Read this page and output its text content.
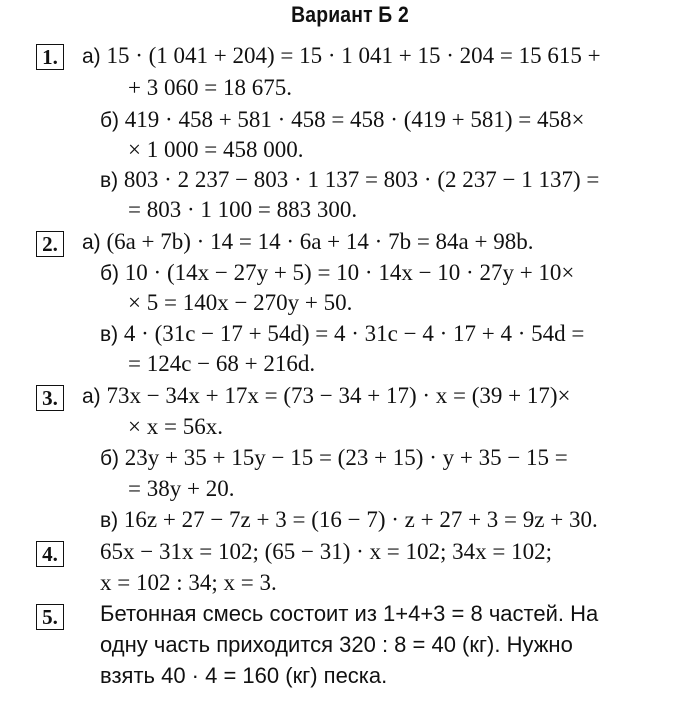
Вариант Б 2
1. а) 15 · (1 041 + 204) = 15 · 1 041 + 15 · 204 = 15 615 +
+ 3 060 = 18 675.
б) 419 · 458 + 581 · 458 = 458 · (419 + 581) = 458×
× 1 000 = 458 000.
в) 803 · 2 237 − 803 · 1 137 = 803 · (2 237 − 1 137) =
= 803 · 1 100 = 883 300.
2. а) (6a + 7b) · 14 = 14 · 6a + 14 · 7b = 84a + 98b.
б) 10 · (14x − 27y + 5) = 10 · 14x − 10 · 27y + 10×
× 5 = 140x − 270y + 50.
в) 4 · (31c − 17 + 54d) = 4 · 31c − 4 · 17 + 4 · 54d =
= 124c − 68 + 216d.
3. а) 73x − 34x + 17x = (73 − 34 + 17) · x = (39 + 17)×
× x = 56x.
б) 23y + 35 + 15y − 15 = (23 + 15) · y + 35 − 15 =
= 38y + 20.
в) 16z + 27 − 7z + 3 = (16 − 7) · z + 27 + 3 = 9z + 30.
4. 65x − 31x = 102; (65 − 31) · x = 102; 34x = 102;
x = 102 : 34; x = 3.
5. Бетонная смесь состоит из 1+4+3 = 8 частей. На
одну часть приходится 320 : 8 = 40 (кг). Нужно
взять 40 · 4 = 160 (кг) песка.
